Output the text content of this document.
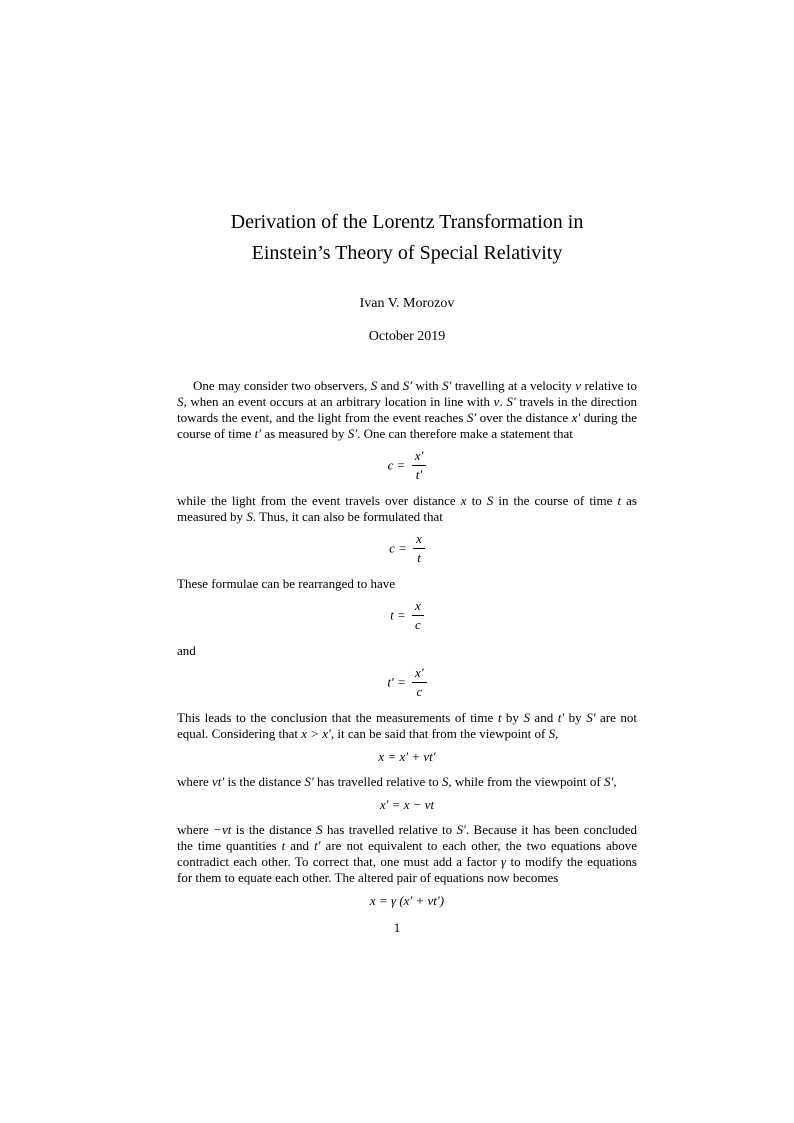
Derivation of the Lorentz Transformation in
Einstein’s Theory of Special Relativity
Ivan V. Morozov
October 2019

One may consider two observers, S and S′ with S′ travelling at a velocity v relative to S, when an event occurs at an arbitrary location in line with v. S′ travels in the direction towards the event, and the light from the event reaches S′ over the distance x′ during the course of time t′ as measured by S′. One can therefore make a statement that

$c = \frac{x'}{t'}$

while the light from the event travels over distance x to S in the course of time t as measured by S. Thus, it can also be formulated that

$c = \frac{x}{t}$

These formulae can be rearranged to have

$t = \frac{x}{c}$

and

$t' = \frac{x'}{c}$

This leads to the conclusion that the measurements of time t by S and t′ by S′ are not equal. Considering that x > x′, it can be said that from the viewpoint of S,

x = x′ + vt′

where vt′ is the distance S′ has travelled relative to S, while from the viewpoint of S′,

x′ = x − vt

where −vt is the distance S has travelled relative to S′. Because it has been concluded the time quantities t and t′ are not equivalent to each other, the two equations above contradict each other. To correct that, one must add a factor γ to modify the equations for them to equate each other. The altered pair of equations now becomes

x = γ (x′ + vt′)
1
